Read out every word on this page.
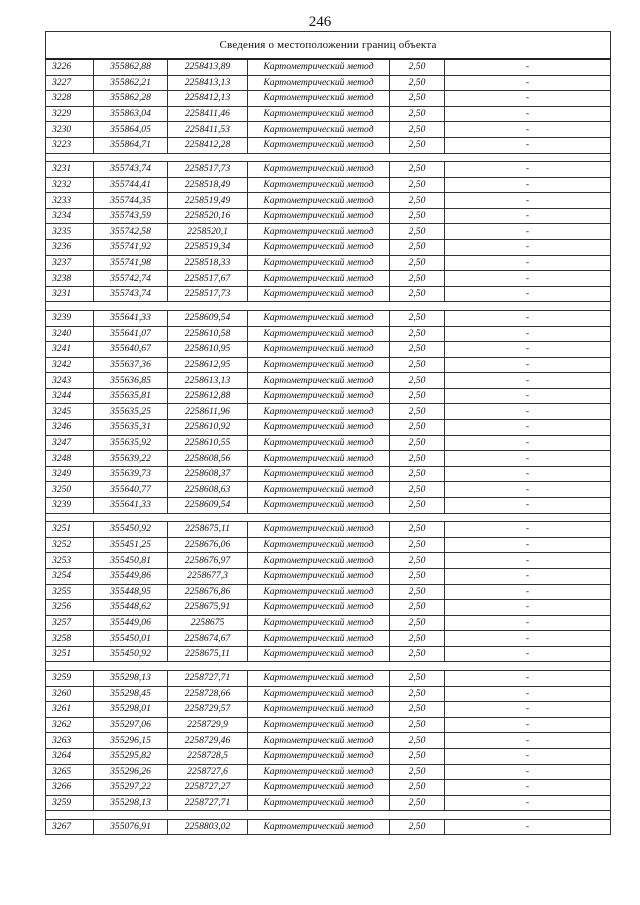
246
Сведения о местоположении границ объекта					
3226	355862,88	2258413,89	Картометрический метод	2,50	-
3227	355862,21	2258413,13	Картометрический метод	2,50	-
3228	355862,28	2258412,13	Картометрический метод	2,50	-
3229	355863,04	2258411,46	Картометрический метод	2,50	-
3230	355864,05	2258411,53	Картометрический метод	2,50	-
3223	355864,71	2258412,28	Картометрический метод	2,50	-

3231	355743,74	2258517,73	Картометрический метод	2,50	-
3232	355744,41	2258518,49	Картометрический метод	2,50	-
3233	355744,35	2258519,49	Картометрический метод	2,50	-
3234	355743,59	2258520,16	Картометрический метод	2,50	-
3235	355742,58	2258520,1	Картометрический метод	2,50	-
3236	355741,92	2258519,34	Картометрический метод	2,50	-
3237	355741,98	2258518,33	Картометрический метод	2,50	-
3238	355742,74	2258517,67	Картометрический метод	2,50	-
3231	355743,74	2258517,73	Картометрический метод	2,50	-

3239	355641,33	2258609,54	Картометрический метод	2,50	-
3240	355641,07	2258610,58	Картометрический метод	2,50	-
3241	355640,67	2258610,95	Картометрический метод	2,50	-
3242	355637,36	2258612,95	Картометрический метод	2,50	-
3243	355636,85	2258613,13	Картометрический метод	2,50	-
3244	355635,81	2258612,88	Картометрический метод	2,50	-
3245	355635,25	2258611,96	Картометрический метод	2,50	-
3246	355635,31	2258610,92	Картометрический метод	2,50	-
3247	355635,92	2258610,55	Картометрический метод	2,50	-
3248	355639,22	2258608,56	Картометрический метод	2,50	-
3249	355639,73	2258608,37	Картометрический метод	2,50	-
3250	355640,77	2258608,63	Картометрический метод	2,50	-
3239	355641,33	2258609,54	Картометрический метод	2,50	-

3251	355450,92	2258675,11	Картометрический метод	2,50	-
3252	355451,25	2258676,06	Картометрический метод	2,50	-
3253	355450,81	2258676,97	Картометрический метод	2,50	-
3254	355449,86	2258677,3	Картометрический метод	2,50	-
3255	355448,95	2258676,86	Картометрический метод	2,50	-
3256	355448,62	2258675,91	Картометрический метод	2,50	-
3257	355449,06	2258675	Картометрический метод	2,50	-
3258	355450,01	2258674,67	Картометрический метод	2,50	-
3251	355450,92	2258675,11	Картометрический метод	2,50	-

3259	355298,13	2258727,71	Картометрический метод	2,50	-
3260	355298,45	2258728,66	Картометрический метод	2,50	-
3261	355298,01	2258729,57	Картометрический метод	2,50	-
3262	355297,06	2258729,9	Картометрический метод	2,50	-
3263	355296,15	2258729,46	Картометрический метод	2,50	-
3264	355295,82	2258728,5	Картометрический метод	2,50	-
3265	355296,26	2258727,6	Картометрический метод	2,50	-
3266	355297,22	2258727,27	Картометрический метод	2,50	-
3259	355298,13	2258727,71	Картометрический метод	2,50	-

3267	355076,91	2258803,02	Картометрический метод	2,50	-
